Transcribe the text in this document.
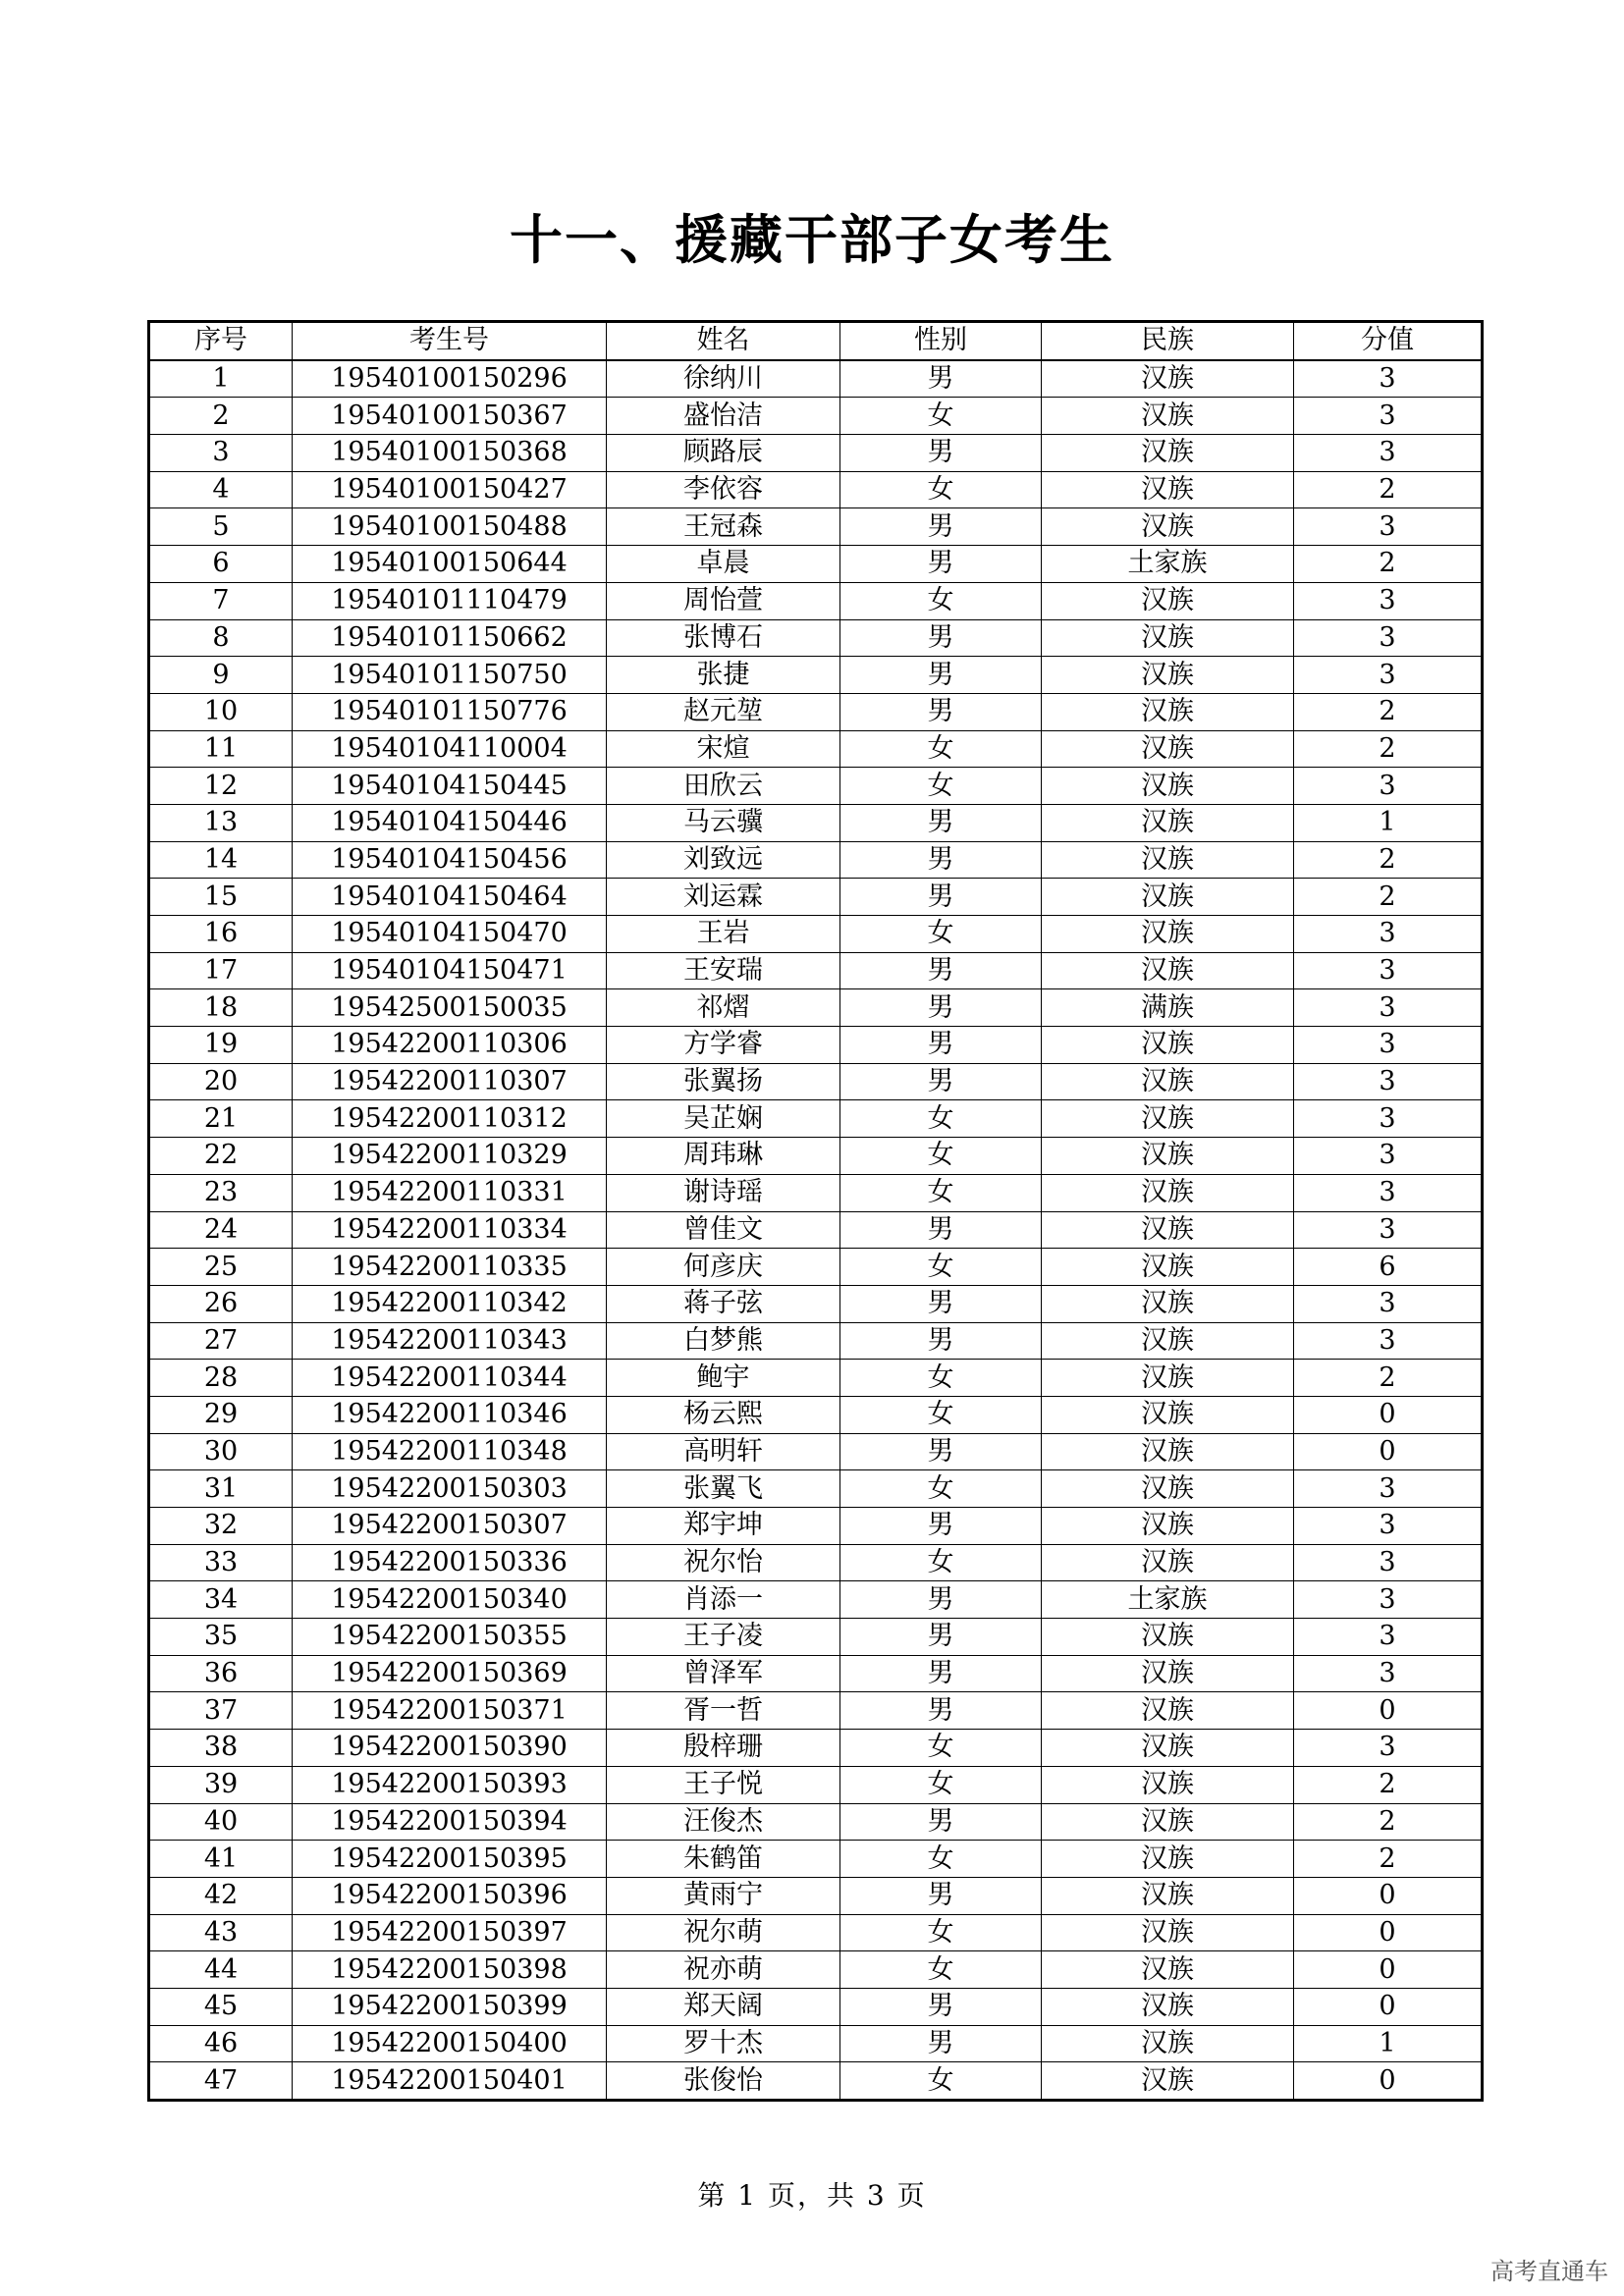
十一、援藏干部子女考生
序号	考生号	姓名	性别	民族	分值
1	19540100150296	徐纳川	男	汉族	3
2	19540100150367	盛怡洁	女	汉族	3
3	19540100150368	顾路辰	男	汉族	3
4	19540100150427	李依容	女	汉族	2
5	19540100150488	王冠森	男	汉族	3
6	19540100150644	卓晨	男	土家族	2
7	19540101110479	周怡萱	女	汉族	3
8	19540101150662	张博石	男	汉族	3
9	19540101150750	张捷	男	汉族	3
10	19540101150776	赵元堃	男	汉族	2
11	19540104110004	宋煊	女	汉族	2
12	19540104150445	田欣云	女	汉族	3
13	19540104150446	马云骥	男	汉族	1
14	19540104150456	刘致远	男	汉族	2
15	19540104150464	刘运霖	男	汉族	2
16	19540104150470	王岩	女	汉族	3
17	19540104150471	王安瑞	男	汉族	3
18	19542500150035	祁熠	男	满族	3
19	19542200110306	方学睿	男	汉族	3
20	19542200110307	张翼扬	男	汉族	3
21	19542200110312	吴芷娴	女	汉族	3
22	19542200110329	周玮琳	女	汉族	3
23	19542200110331	谢诗瑶	女	汉族	3
24	19542200110334	曾佳文	男	汉族	3
25	19542200110335	何彦庆	女	汉族	6
26	19542200110342	蒋子弦	男	汉族	3
27	19542200110343	白梦熊	男	汉族	3
28	19542200110344	鲍宇	女	汉族	2
29	19542200110346	杨云熙	女	汉族	0
30	19542200110348	高明轩	男	汉族	0
31	19542200150303	张翼飞	女	汉族	3
32	19542200150307	郑宇坤	男	汉族	3
33	19542200150336	祝尔怡	女	汉族	3
34	19542200150340	肖添一	男	土家族	3
35	19542200150355	王子凌	男	汉族	3
36	19542200150369	曾泽军	男	汉族	3
37	19542200150371	胥一哲	男	汉族	0
38	19542200150390	殷梓珊	女	汉族	3
39	19542200150393	王子悦	女	汉族	2
40	19542200150394	汪俊杰	男	汉族	2
41	19542200150395	朱鹤笛	女	汉族	2
42	19542200150396	黄雨宁	男	汉族	0
43	19542200150397	祝尔萌	女	汉族	0
44	19542200150398	祝亦萌	女	汉族	0
45	19542200150399	郑天阔	男	汉族	0
46	19542200150400	罗十杰	男	汉族	1
47	19542200150401	张俊怡	女	汉族	0
第 1 页，共 3 页
高考直通车
